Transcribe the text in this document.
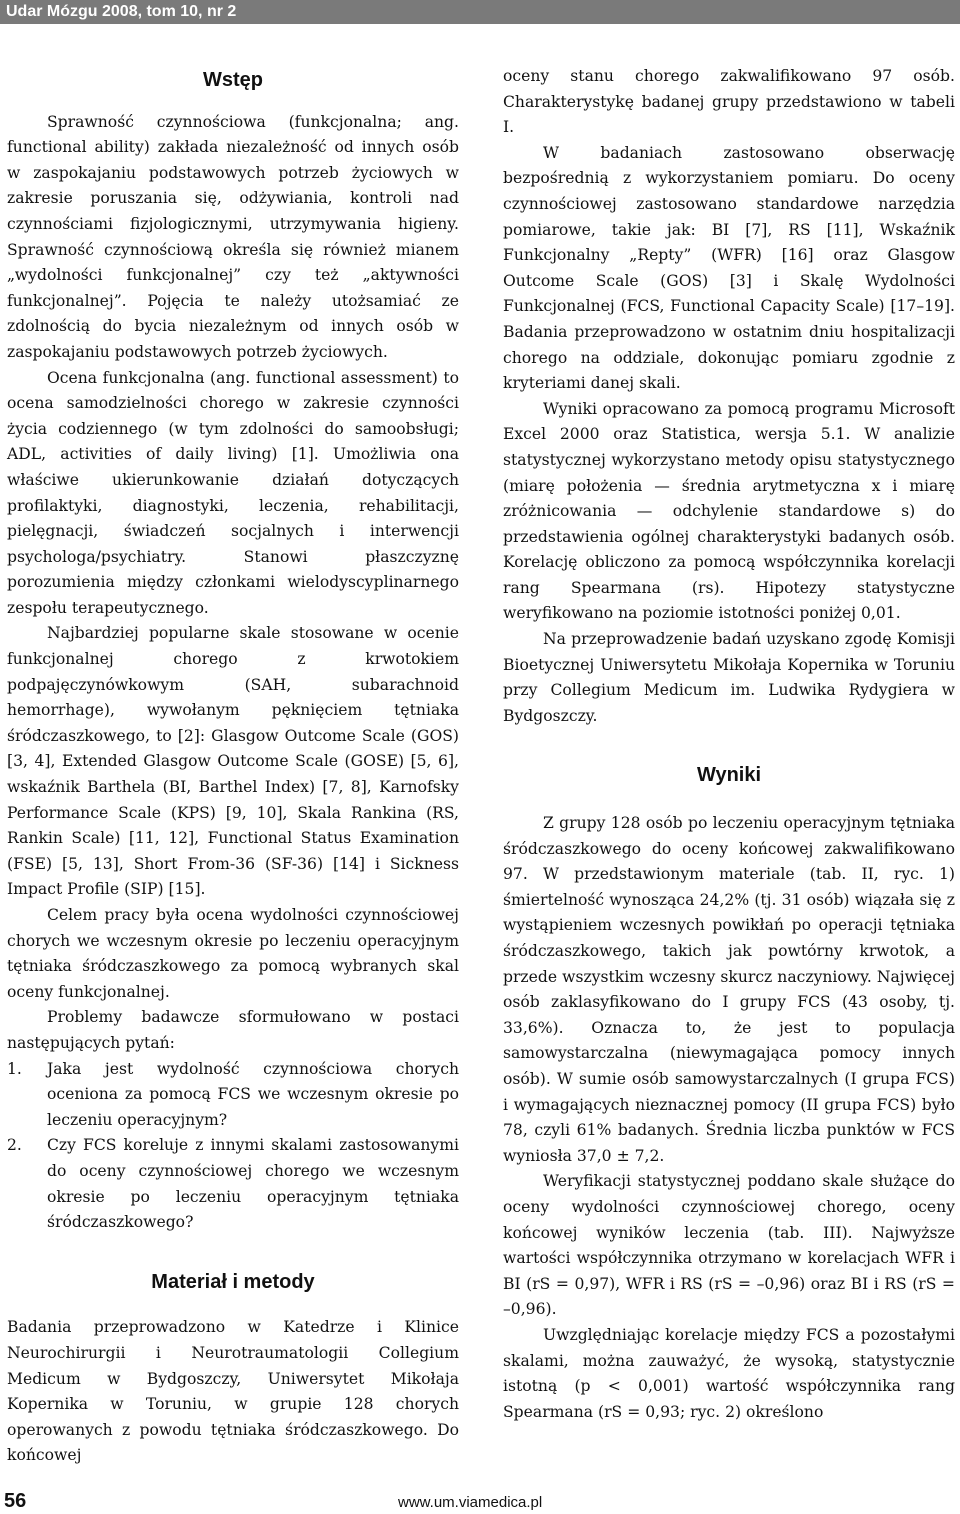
Udar Mózgu 2008, tom 10, nr 2

Wstęp

Sprawność czynnościowa (funkcjonalna; ang. functional ability) zakłada niezależność od innych osób w zaspokajaniu podstawowych potrzeb życiowych w zakresie poruszania się, odżywiania, kontroli nad czynnościami fizjologicznymi, utrzymywania higieny. Sprawność czynnościową określa się również mianem „wydolności funkcjonalnej” czy też „aktywności funkcjonalnej”. Pojęcia te należy utożsamiać ze zdolnością do bycia niezależnym od innych osób w zaspokajaniu podstawowych potrzeb życiowych.

Ocena funkcjonalna (ang. functional assessment) to ocena samodzielności chorego w zakresie czynności życia codziennego (w tym zdolności do samoobsługi; ADL, activities of daily living) [1]. Umożliwia ona właściwe ukierunkowanie działań dotyczących profilaktyki, diagnostyki, leczenia, rehabilitacji, pielęgnacji, świadczeń socjalnych i interwencji psychologa/psychiatry. Stanowi płaszczyznę porozumienia między członkami wielodyscyplinarnego zespołu terapeutycznego.

Najbardziej popularne skale stosowane w ocenie funkcjonalnej chorego z krwotokiem podpajęczynówkowym (SAH, subarachnoid hemorrhage), wywołanym pęknięciem tętniaka śródczaszkowego, to [2]: Glasgow Outcome Scale (GOS) [3, 4], Extended Glasgow Outcome Scale (GOSE) [5, 6], wskaźnik Barthela (BI, Barthel Index) [7, 8], Karnofsky Performance Scale (KPS) [9, 10], Skala Rankina (RS, Rankin Scale) [11, 12], Functional Status Examination (FSE) [5, 13], Short From-36 (SF-36) [14] i Sickness Impact Profile (SIP) [15].

Celem pracy była ocena wydolności czynnościowej chorych we wczesnym okresie po leczeniu operacyjnym tętniaka śródczaszkowego za pomocą wybranych skal oceny funkcjonalnej.

Problemy badawcze sformułowano w postaci następujących pytań:

1.	Jaka jest wydolność czynnościowa chorych oceniona za pomocą FCS we wczesnym okresie po leczeniu operacyjnym?
2.	Czy FCS koreluje z innymi skalami zastosowanymi do oceny czynnościowej chorego we wczesnym okresie po leczeniu operacyjnym tętniaka śródczaszkowego?

Materiał i metody

Badania przeprowadzono w Katedrze i Klinice Neurochirurgii i Neurotraumatologii Collegium Medicum w Bydgoszczy, Uniwersytet Mikołaja Kopernika w Toruniu, w grupie 128 chorych operowanych z powodu tętniaka śródczaszkowego. Do końcowej

oceny stanu chorego zakwalifikowano 97 osób. Charakterystykę badanej grupy przedstawiono w tabeli I.

W badaniach zastosowano obserwację bezpośrednią z wykorzystaniem pomiaru. Do oceny czynnościowej zastosowano standardowe narzędzia pomiarowe, takie jak: BI [7], RS [11], Wskaźnik Funkcjonalny „Repty” (WFR) [16] oraz Glasgow Outcome Scale (GOS) [3] i Skalę Wydolności Funkcjonalnej (FCS, Functional Capacity Scale) [17–19]. Badania przeprowadzono w ostatnim dniu hospitalizacji chorego na oddziale, dokonując pomiaru zgodnie z kryteriami danej skali.

Wyniki opracowano za pomocą programu Microsoft Excel 2000 oraz Statistica, wersja 5.1. W analizie statystycznej wykorzystano metody opisu statystycznego (miarę położenia — średnia arytmetyczna x i miarę zróżnicowania — odchylenie standardowe s) do przedstawienia ogólnej charakterystyki badanych osób. Korelację obliczono za pomocą współczynnika korelacji rang Spearmana (rs). Hipotezy statystyczne weryfikowano na poziomie istotności poniżej 0,01.

Na przeprowadzenie badań uzyskano zgodę Komisji Bioetycznej Uniwersytetu Mikołaja Kopernika w Toruniu przy Collegium Medicum im. Ludwika Rydygiera w Bydgoszczy.

Wyniki

Z grupy 128 osób po leczeniu operacyjnym tętniaka śródczaszkowego do oceny końcowej zakwalifikowano 97. W przedstawionym materiale (tab. II, ryc. 1) śmiertelność wynosząca 24,2% (tj. 31 osób) wiązała się z wystąpieniem wczesnych powikłań po operacji tętniaka śródczaszkowego, takich jak powtórny krwotok, a przede wszystkim wczesny skurcz naczyniowy. Najwięcej osób zaklasyfikowano do I grupy FCS (43 osoby, tj. 33,6%). Oznacza to, że jest to populacja samowystarczalna (niewymagająca pomocy innych osób). W sumie osób samowystarczalnych (I grupa FCS) i wymagających nieznacznej pomocy (II grupa FCS) było 78, czyli 61% badanych. Średnia liczba punktów w FCS wyniosła 37,0 ± 7,2.

Weryfikacji statystycznej poddano skale służące do oceny wydolności czynnościowej chorego, oceny końcowej wyników leczenia (tab. III). Najwyższe wartości współczynnika otrzymano w korelacjach WFR i BI (rS = 0,97), WFR i RS (rS = –0,96) oraz BI i RS (rS = –0,96).

Uwzględniając korelacje między FCS a pozostałymi skalami, można zauważyć, że wysoką, statystycznie istotną (p < 0,001) wartość współczynnika rang Spearmana (rS = 0,93; ryc. 2) określono

56	www.um.viamedica.pl
